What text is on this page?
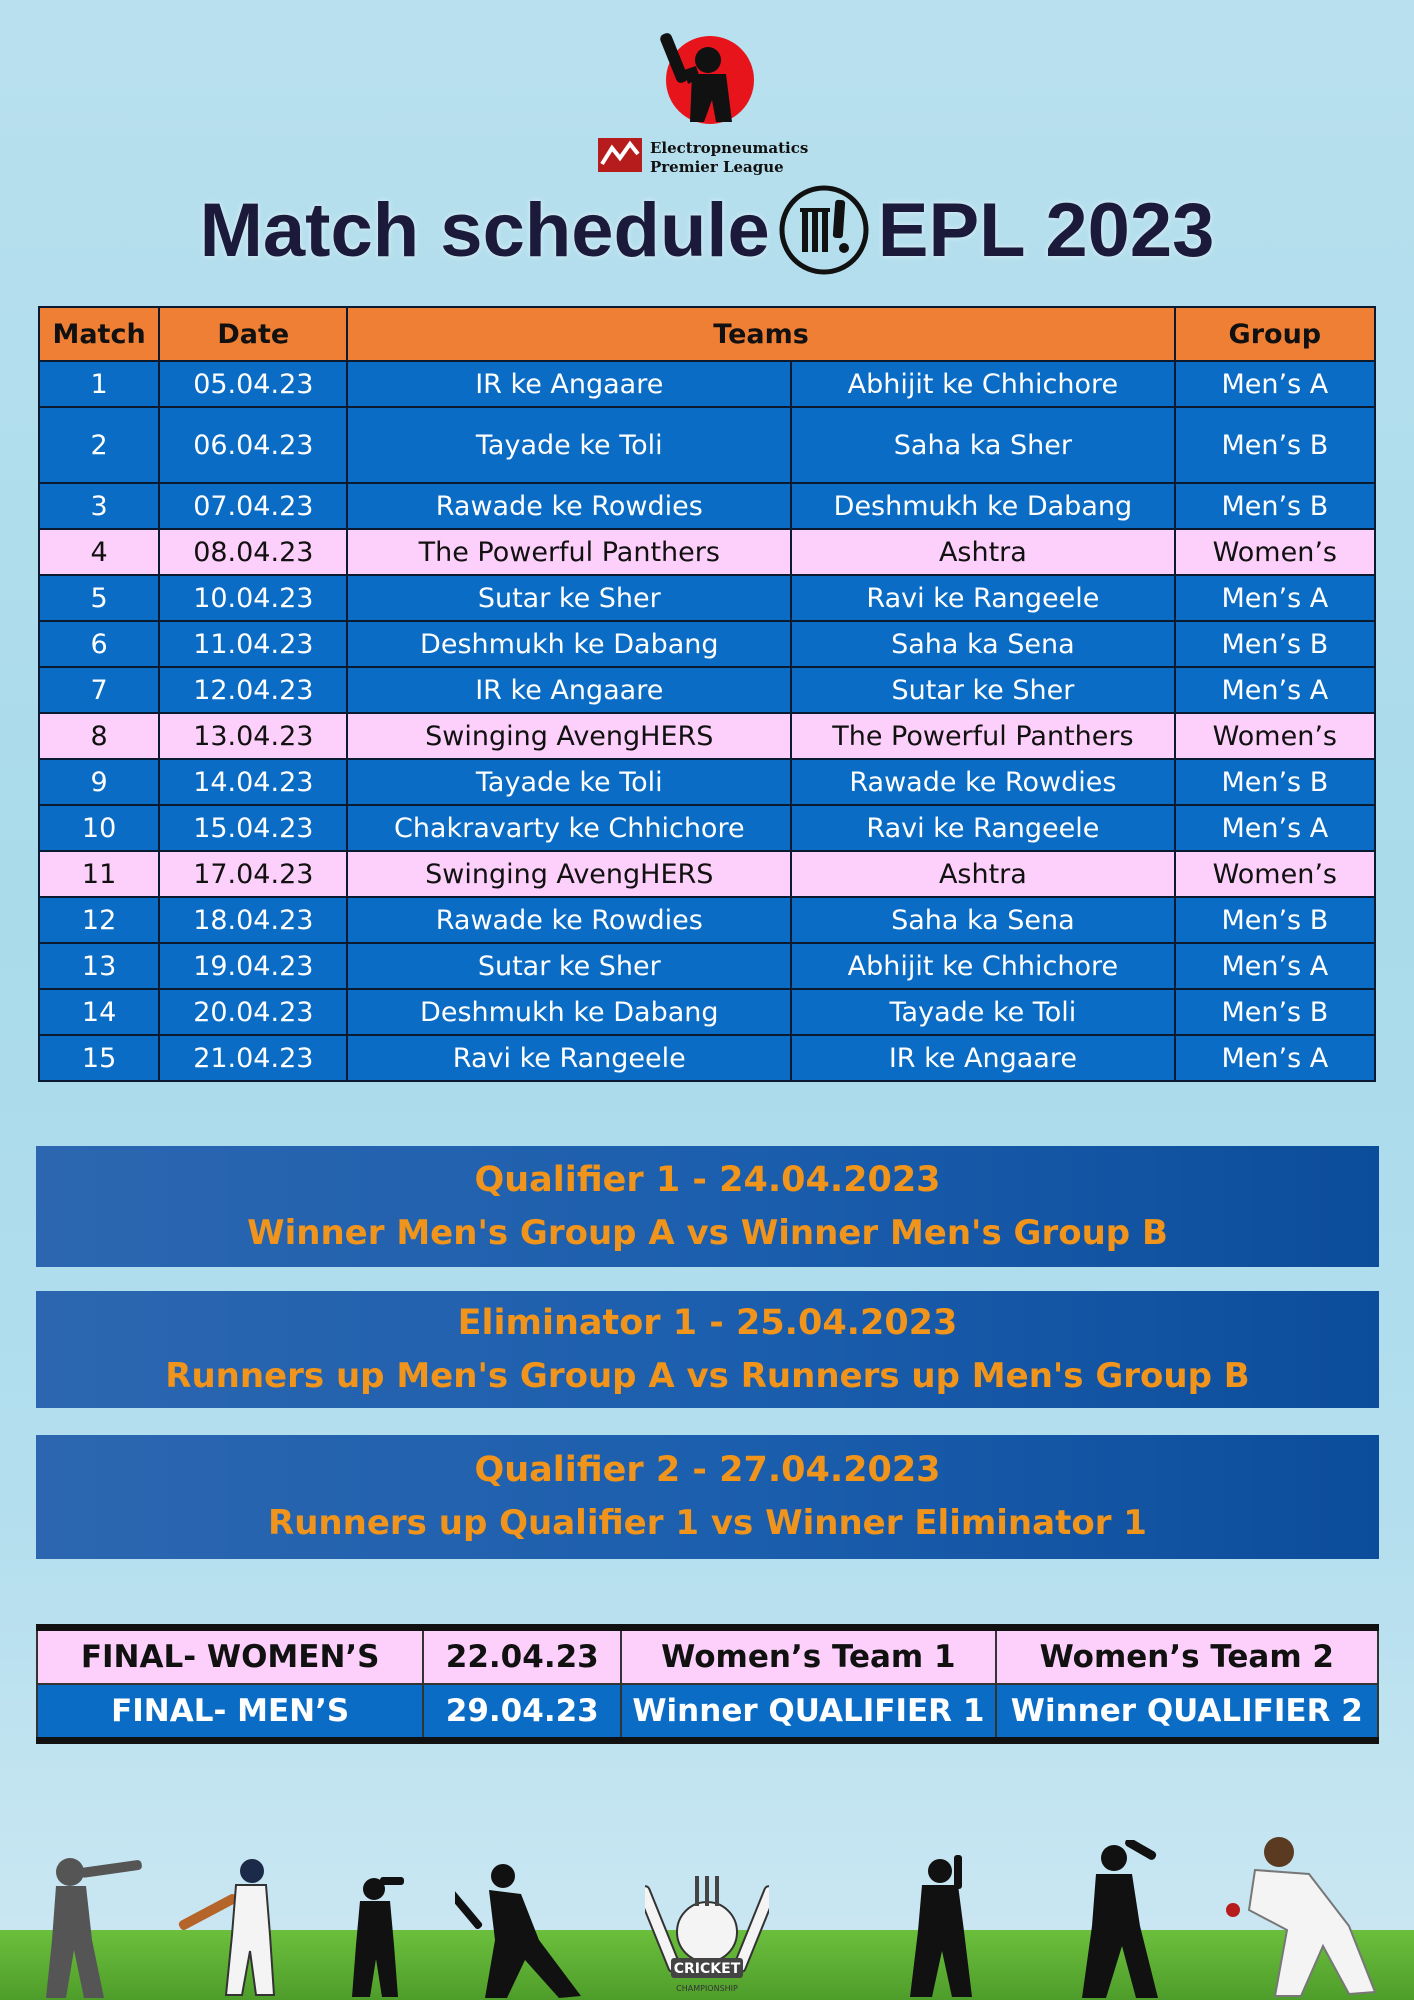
Electropneumatics
Premier League
Match schedule EPL 2023
Match	Date	Teams		Group
1	05.04.23	IR ke Angaare	Abhijit ke Chhichore	Men’s A
2	06.04.23	Tayade ke Toli	Saha ka Sher	Men’s B
3	07.04.23	Rawade ke Rowdies	Deshmukh ke Dabang	Men’s B
4	08.04.23	The Powerful Panthers	Ashtra	Women’s
5	10.04.23	Sutar ke Sher	Ravi ke Rangeele	Men’s A
6	11.04.23	Deshmukh ke Dabang	Saha ka Sena	Men’s B
7	12.04.23	IR ke Angaare	Sutar ke Sher	Men’s A
8	13.04.23	Swinging AvengHERS	The Powerful Panthers	Women’s
9	14.04.23	Tayade ke Toli	Rawade ke Rowdies	Men’s B
10	15.04.23	Chakravarty ke Chhichore	Ravi ke Rangeele	Men’s A
11	17.04.23	Swinging AvengHERS	Ashtra	Women’s
12	18.04.23	Rawade ke Rowdies	Saha ka Sena	Men’s B
13	19.04.23	Sutar ke Sher	Abhijit ke Chhichore	Men’s A
14	20.04.23	Deshmukh ke Dabang	Tayade ke Toli	Men’s B
15	21.04.23	Ravi ke Rangeele	IR ke Angaare	Men’s A
Qualifier 1 - 24.04.2023
Winner Men's Group A vs Winner Men's Group B
Eliminator 1 - 25.04.2023
Runners up Men's Group A vs Runners up Men's Group B
Qualifier 2 - 27.04.2023
Runners up Qualifier 1 vs Winner Eliminator 1
FINAL- WOMEN’S	22.04.23	Women’s Team 1	Women’s Team 2
FINAL- MEN’S	29.04.23	Winner QUALIFIER 1	Winner QUALIFIER 2
CRICKET
CHAMPIONSHIP
